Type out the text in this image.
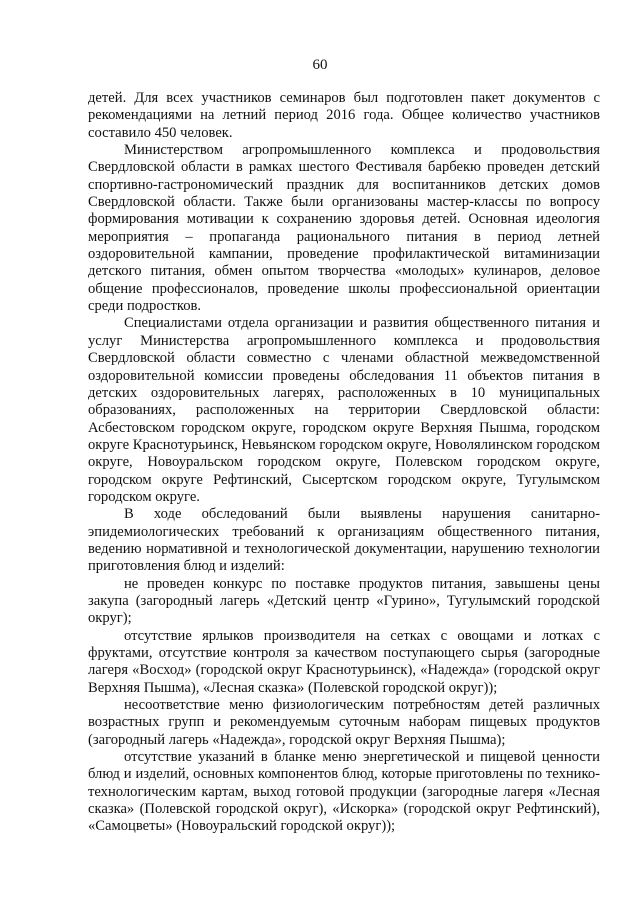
60

детей. Для всех участников семинаров был подготовлен пакет документов с рекомендациями на летний период 2016 года. Общее количество участников составило 450 человек.

Министерством агропромышленного комплекса и продовольствия Свердловской области в рамках шестого Фестиваля барбекю проведен детский спортивно-гастрономический праздник для воспитанников детских домов Свердловской области. Также были организованы мастер-классы по вопросу формирования мотивации к сохранению здоровья детей. Основная идеология мероприятия – пропаганда рационального питания в период летней оздоровительной кампании, проведение профилактической витаминизации детского питания, обмен опытом творчества «молодых» кулинаров, деловое общение профессионалов, проведение школы профессиональной ориентации среди подростков.

Специалистами отдела организации и развития общественного питания и услуг Министерства агропромышленного комплекса и продовольствия Свердловской области совместно с членами областной межведомственной оздоровительной комиссии проведены обследования 11 объектов питания в детских оздоровительных лагерях, расположенных в 10 муниципальных образованиях, расположенных на территории Свердловской области: Асбестовском городском округе, городском округе Верхняя Пышма, городском округе Краснотурьинск, Невьянском городском округе, Новолялинском городском округе, Новоуральском городском округе, Полевском городском округе, городском округе Рефтинский, Сысертском городском округе, Тугулымском городском округе.

В ходе обследований были выявлены нарушения санитарно-эпидемиологических требований к организациям общественного питания, ведению нормативной и технологической документации, нарушению технологии приготовления блюд и изделий:

не проведен конкурс по поставке продуктов питания, завышены цены закупа (загородный лагерь «Детский центр «Гурино», Тугулымский городской округ);

отсутствие ярлыков производителя на сетках с овощами и лотках с фруктами, отсутствие контроля за качеством поступающего сырья (загородные лагеря «Восход» (городской округ Краснотурьинск), «Надежда» (городской округ Верхняя Пышма), «Лесная сказка» (Полевской городской округ));

несоответствие меню физиологическим потребностям детей различных возрастных групп и рекомендуемым суточным наборам пищевых продуктов (загородный лагерь «Надежда», городской округ Верхняя Пышма);

отсутствие указаний в бланке меню энергетической и пищевой ценности блюд и изделий, основных компонентов блюд, которые приготовлены по технико-технологическим картам, выход готовой продукции (загородные лагеря «Лесная сказка» (Полевской городской округ), «Искорка» (городской округ Рефтинский), «Самоцветы» (Новоуральский городской округ));
